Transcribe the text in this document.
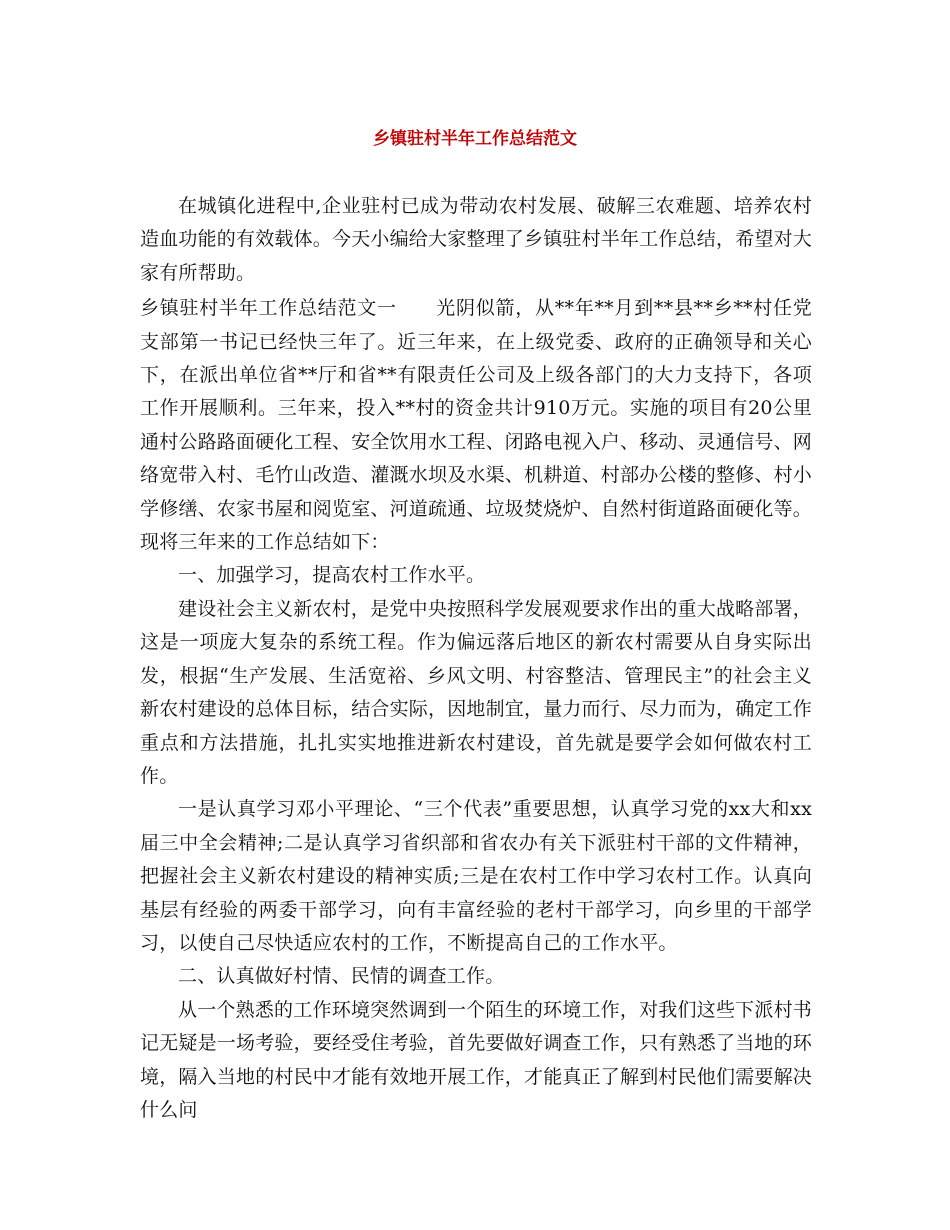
乡镇驻村半年工作总结范文

在城镇化进程中,企业驻村已成为带动农村发展、破解三农难题、培养农村造血功能的有效载体。今天小编给大家整理了乡镇驻村半年工作总结，希望对大家有所帮助。

乡镇驻村半年工作总结范文一　　光阴似箭，从**年**月到**县**乡**村任党支部第一书记已经快三年了。近三年来，在上级党委、政府的正确领导和关心下，在派出单位省**厅和省**有限责任公司及上级各部门的大力支持下，各项工作开展顺利。三年来，投入**村的资金共计910万元。实施的项目有20公里通村公路路面硬化工程、安全饮用水工程、闭路电视入户、移动、灵通信号、网络宽带入村、毛竹山改造、灌溉水坝及水渠、机耕道、村部办公楼的整修、村小学修缮、农家书屋和阅览室、河道疏通、垃圾焚烧炉、自然村街道路面硬化等。现将三年来的工作总结如下：

一、加强学习，提高农村工作水平。

建设社会主义新农村，是党中央按照科学发展观要求作出的重大战略部署，这是一项庞大复杂的系统工程。作为偏远落后地区的新农村需要从自身实际出发，根据“生产发展、生活宽裕、乡风文明、村容整洁、管理民主”的社会主义新农村建设的总体目标，结合实际，因地制宜，量力而行、尽力而为，确定工作重点和方法措施，扎扎实实地推进新农村建设，首先就是要学会如何做农村工作。

一是认真学习邓小平理论、“三个代表”重要思想，认真学习党的xx大和xx届三中全会精神;二是认真学习省织部和省农办有关下派驻村干部的文件精神，把握社会主义新农村建设的精神实质;三是在农村工作中学习农村工作。认真向基层有经验的两委干部学习，向有丰富经验的老村干部学习，向乡里的干部学习，以使自己尽快适应农村的工作，不断提高自己的工作水平。

二、认真做好村情、民情的调查工作。

从一个熟悉的工作环境突然调到一个陌生的环境工作，对我们这些下派村书记无疑是一场考验，要经受住考验，首先要做好调查工作，只有熟悉了当地的环境，隔入当地的村民中才能有效地开展工作，才能真正了解到村民他们需要解决什么问
